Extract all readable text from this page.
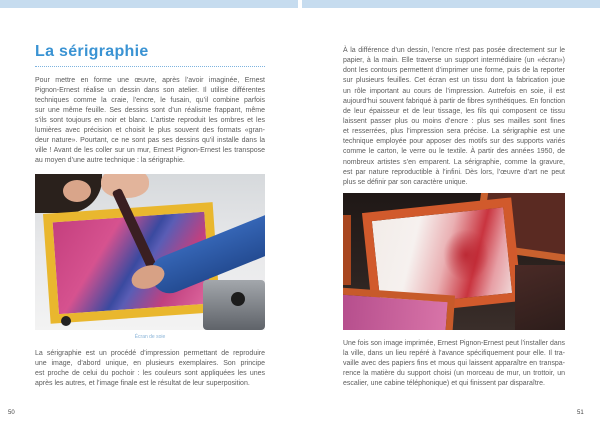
La sérigraphie
Pour mettre en forme une œuvre, après l’avoir imaginée, Ernest
Pignon-Ernest réalise un dessin dans son atelier. Il utilise différentes
techniques comme la craie, l’encre, le fusain, qu’il combine parfois
sur une même feuille. Ses dessins sont d’un réalisme frappant, même
s’ils sont toujours en noir et blanc. L’artiste reproduit les ombres et les
lumières avec précision et choisit le plus souvent des formats «gran-
deur nature». Pourtant, ce ne sont pas ses dessins qu’il installe dans la
ville ! Avant de les coller sur un mur, Ernest Pignon-Ernest les transpose
au moyen d’une autre technique : la sérigraphie.
Écran de soie
La sérigraphie est un procédé d’impression permettant de reproduire
une image, d’abord unique, en plusieurs exemplaires. Son principe
est proche de celui du pochoir : les couleurs sont appliquées les unes
après les autres, et l’image finale est le résultat de leur superposition.
50
À la différence d’un dessin, l’encre n’est pas posée directement sur le
papier, à la main. Elle traverse un support intermédiaire (un «écran»)
dont les contours permettent d’imprimer une forme, puis de la reporter
sur plusieurs feuilles. Cet écran est un tissu dont la fabrication joue
un rôle important au cours de l’impression. Autrefois en soie, il est
aujourd’hui souvent fabriqué à partir de fibres synthétiques. En fonction
de leur épaisseur et de leur tissage, les fils qui composent ce tissu
laissent passer plus ou moins d’encre : plus ses mailles sont fines
et resserrées, plus l’impression sera précise. La sérigraphie est une
technique employée pour apposer des motifs sur des supports variés
comme le carton, le verre ou le textile. À partir des années 1950, de
nombreux artistes s’en emparent. La sérigraphie, comme la gravure,
est par nature reproductible à l’infini. Dès lors, l’œuvre d’art ne peut
plus se définir par son caractère unique.
Une fois son image imprimée, Ernest Pignon-Ernest peut l’installer dans
la ville, dans un lieu repéré à l’avance spécifiquement pour elle. Il tra-
vaille avec des papiers fins et mous qui laissent apparaître en transpa-
rence la matière du support choisi (un morceau de mur, un trottoir, un
escalier, une cabine téléphonique) et qui finissent par disparaître.
51
